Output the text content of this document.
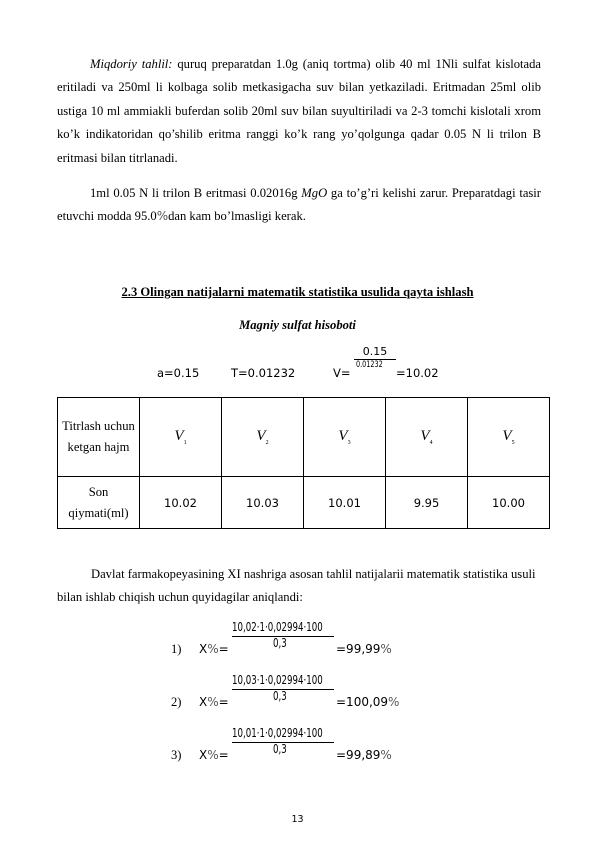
Miqdoriy tahlil: quruq preparatdan 1.0g (aniq tortma) olib 40 ml 1Nli sulfat kislotada eritiladi va 250ml li kolbaga solib metkasigacha suv bilan yetkaziladi. Eritmadan 25ml olib ustiga 10 ml ammiakli buferdan solib 20ml suv bilan suyultiriladi va 2-3 tomchi kislotali xrom ko’k indikatoridan qo’shilib eritma ranggi ko’k rang yo’qolgunga qadar 0.05 N li trilon B eritmasi bilan titrlanadi.
1ml 0.05 N li trilon B eritmasi 0.02016g MgO ga to’g’ri kelishi zarur. Preparatdagi tasir etuvchi modda 95.0%dan kam bo’lmasligi kerak.
2.3 Olingan natijalarni matematik statistika usulida qayta ishlash
Magniy sulfat hisoboti
a=0.15	T=0.01232	V=
0.15
0.01232
=10.02
Titrlash uchun ketgan hajm	$V_1$	$V_2$	$V_3$	$V_4$	$V_5$
Son qiymati(ml)	10.02	10.03	10.01	9.95	10.00
Davlat farmakopeyasining XI nashriga asosan tahlil natijalarii matematik statistika usuli bilan ishlab chiqish uchun quyidagilar aniqlandi:
10,02·1·0,02994·100
0,3
1) X%=	=99,99%
10,03·1·0,02994·100
0,3
2) X%=	=100,09%
10,01·1·0,02994·100
0,3
3) X%=	=99,89%
13
